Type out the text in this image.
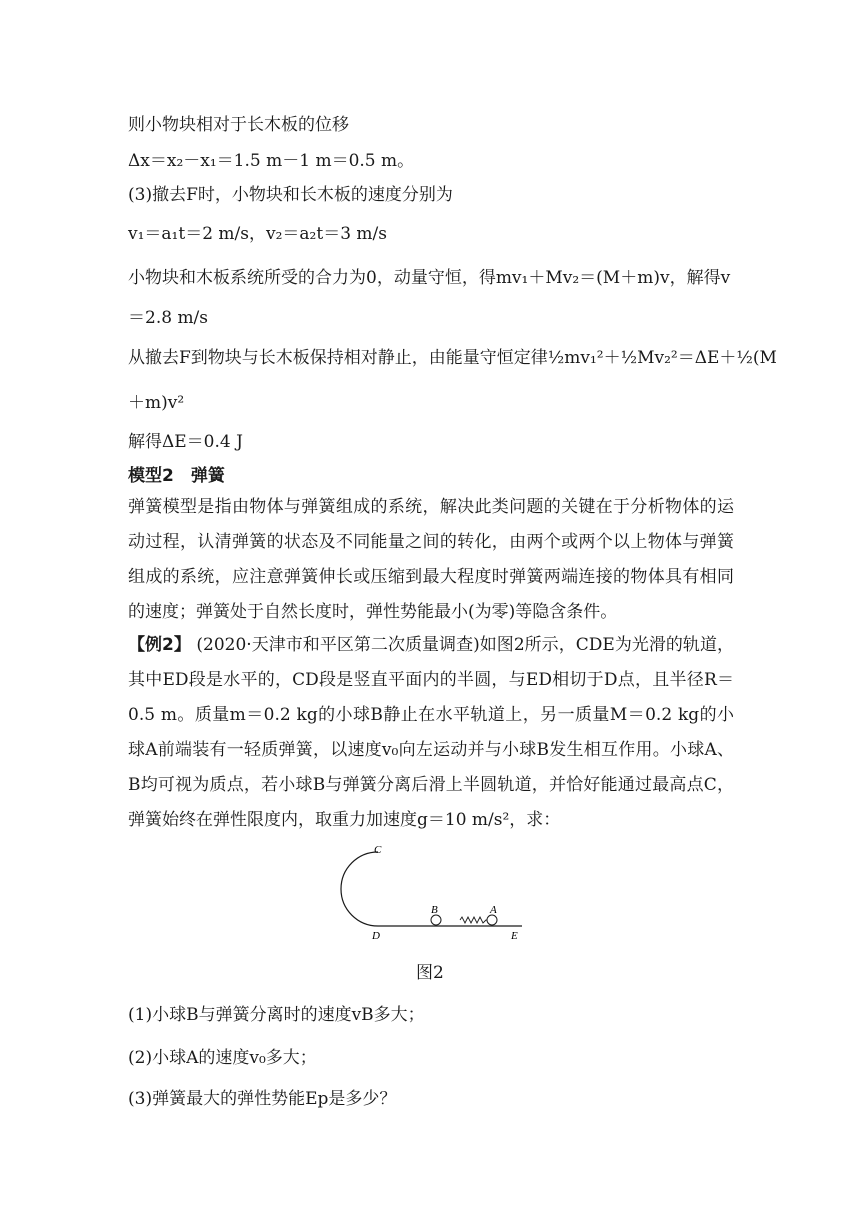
则小物块相对于长木板的位移
Δx＝x₂－x₁＝1.5 m－1 m＝0.5 m。
(3)撤去F时，小物块和长木板的速度分别为
v₁＝a₁t＝2 m/s，v₂＝a₂t＝3 m/s
小物块和木板系统所受的合力为0，动量守恒，得mv₁＋Mv₂＝(M＋m)v，解得v
＝2.8 m/s
从撤去F到物块与长木板保持相对静止，由能量守恒定律½mv₁²＋½Mv₂²＝ΔE＋½(M
＋m)v²
解得ΔE＝0.4 J
模型2　弹簧
弹簧模型是指由物体与弹簧组成的系统，解决此类问题的关键在于分析物体的运动过程，认清弹簧的状态及不同能量之间的转化，由两个或两个以上物体与弹簧组成的系统，应注意弹簧伸长或压缩到最大程度时弹簧两端连接的物体具有相同的速度；弹簧处于自然长度时，弹性势能最小(为零)等隐含条件。
【例2】 (2020·天津市和平区第二次质量调查)如图2所示，CDE为光滑的轨道，其中ED段是水平的，CD段是竖直平面内的半圆，与ED相切于D点，且半径R＝0.5 m。质量m＝0.2 kg的小球B静止在水平轨道上，另一质量M＝0.2 kg的小球A前端装有一轻质弹簧，以速度v₀向左运动并与小球B发生相互作用。小球A、B均可视为质点，若小球B与弹簧分离后滑上半圆轨道，并恰好能通过最高点C，弹簧始终在弹性限度内，取重力加速度g＝10 m/s²，求：
C
D	E
B	A
图2
(1)小球B与弹簧分离时的速度vB多大；
(2)小球A的速度v₀多大；
(3)弹簧最大的弹性势能Ep是多少？
